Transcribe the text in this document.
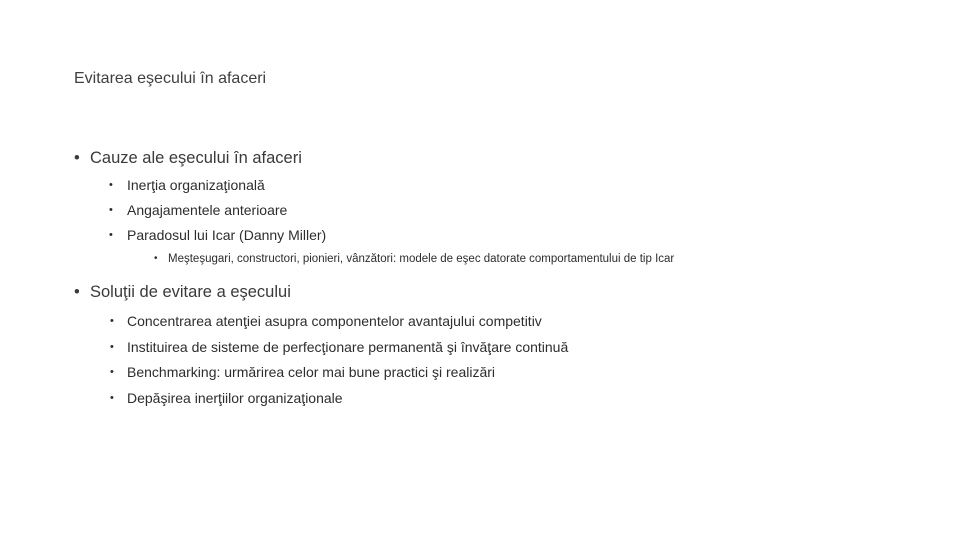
Evitarea eşecului în afaceri
• Cauze ale eşecului în afaceri
• Inerţia organizaţională
• Angajamentele anterioare
• Paradosul lui Icar (Danny Miller)
• Meşteşugari, constructori, pionieri, vânzători: modele de eşec datorate comportamentului de tip Icar
• Soluţii de evitare a eşecului
• Concentrarea atenţiei asupra componentelor avantajului competitiv
• Instituirea de sisteme de perfecţionare permanentă şi învăţare continuă
• Benchmarking: urmărirea celor mai bune practici şi realizări
• Depăşirea inerţiilor organizaţionale
